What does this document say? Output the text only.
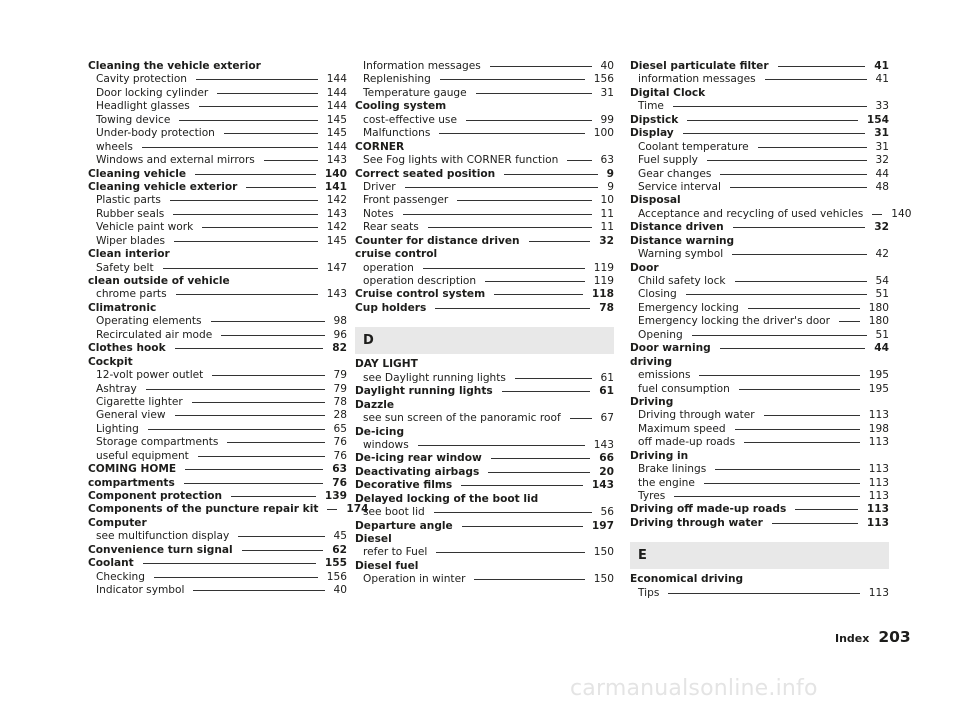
Cleaning the vehicle exterior
Cavity protection	144
Door locking cylinder	144
Headlight glasses	144
Towing device	145
Under-body protection	145
wheels	144
Windows and external mirrors	143
Cleaning vehicle	140
Cleaning vehicle exterior	141
Plastic parts	142
Rubber seals	143
Vehicle paint work	142
Wiper blades	145
Clean interior
Safety belt	147
clean outside of vehicle
chrome parts	143
Climatronic
Operating elements	98
Recirculated air mode	96
Clothes hook	82
Cockpit
12-volt power outlet	79
Ashtray	79
Cigarette lighter	78
General view	28
Lighting	65
Storage compartments	76
useful equipment	76
COMING HOME	63
compartments	76
Component protection	139
Components of the puncture repair kit	174
Computer
see multifunction display	45
Convenience turn signal	62
Coolant	155
Checking	156
Indicator symbol	40
Information messages	40
Replenishing	156
Temperature gauge	31
Cooling system
cost-effective use	99
Malfunctions	100
CORNER
See Fog lights with CORNER function	63
Correct seated position	9
Driver	9
Front passenger	10
Notes	11
Rear seats	11
Counter for distance driven	32
cruise control
operation	119
operation description	119
Cruise control system	118
Cup holders	78
D
DAY LIGHT
see Daylight running lights	61
Daylight running lights	61
Dazzle
see sun screen of the panoramic roof	67
De-icing
windows	143
De-icing rear window	66
Deactivating airbags	20
Decorative films	143
Delayed locking of the boot lid
see boot lid	56
Departure angle	197
Diesel
refer to Fuel	150
Diesel fuel
Operation in winter	150
Diesel particulate filter	41
information messages	41
Digital Clock
Time	33
Dipstick	154
Display	31
Coolant temperature	31
Fuel supply	32
Gear changes	44
Service interval	48
Disposal
Acceptance and recycling of used vehicles	140
Distance driven	32
Distance warning
Warning symbol	42
Door
Child safety lock	54
Closing	51
Emergency locking	180
Emergency locking the driver's door	180
Opening	51
Door warning	44
driving
emissions	195
fuel consumption	195
Driving
Driving through water	113
Maximum speed	198
off made-up roads	113
Driving in
Brake linings	113
the engine	113
Tyres	113
Driving off made-up roads	113
Driving through water	113
E
Economical driving
Tips	113
Index 203
carmanualsonline.info
